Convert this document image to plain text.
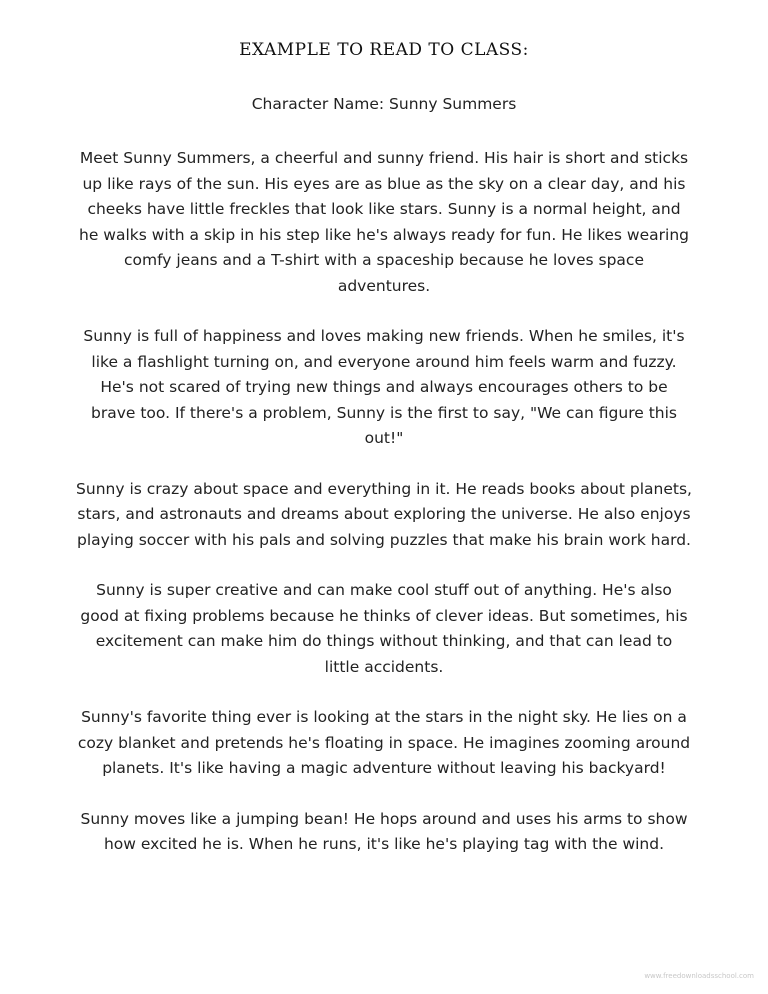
EXAMPLE TO READ TO CLASS:
Character Name: Sunny Summers

Meet Sunny Summers, a cheerful and sunny friend. His hair is short and sticks up like rays of the sun. His eyes are as blue as the sky on a clear day, and his cheeks have little freckles that look like stars. Sunny is a normal height, and he walks with a skip in his step like he's always ready for fun. He likes wearing comfy jeans and a T-shirt with a spaceship because he loves space adventures.

Sunny is full of happiness and loves making new friends. When he smiles, it's like a flashlight turning on, and everyone around him feels warm and fuzzy. He's not scared of trying new things and always encourages others to be brave too. If there's a problem, Sunny is the first to say, "We can figure this out!"

Sunny is crazy about space and everything in it. He reads books about planets, stars, and astronauts and dreams about exploring the universe. He also enjoys playing soccer with his pals and solving puzzles that make his brain work hard.

Sunny is super creative and can make cool stuff out of anything. He's also good at fixing problems because he thinks of clever ideas. But sometimes, his excitement can make him do things without thinking, and that can lead to little accidents.

Sunny's favorite thing ever is looking at the stars in the night sky. He lies on a cozy blanket and pretends he's floating in space. He imagines zooming around planets. It's like having a magic adventure without leaving his backyard!

Sunny moves like a jumping bean! He hops around and uses his arms to show how excited he is. When he runs, it's like he's playing tag with the wind.

www.freedownloadsschool.com
